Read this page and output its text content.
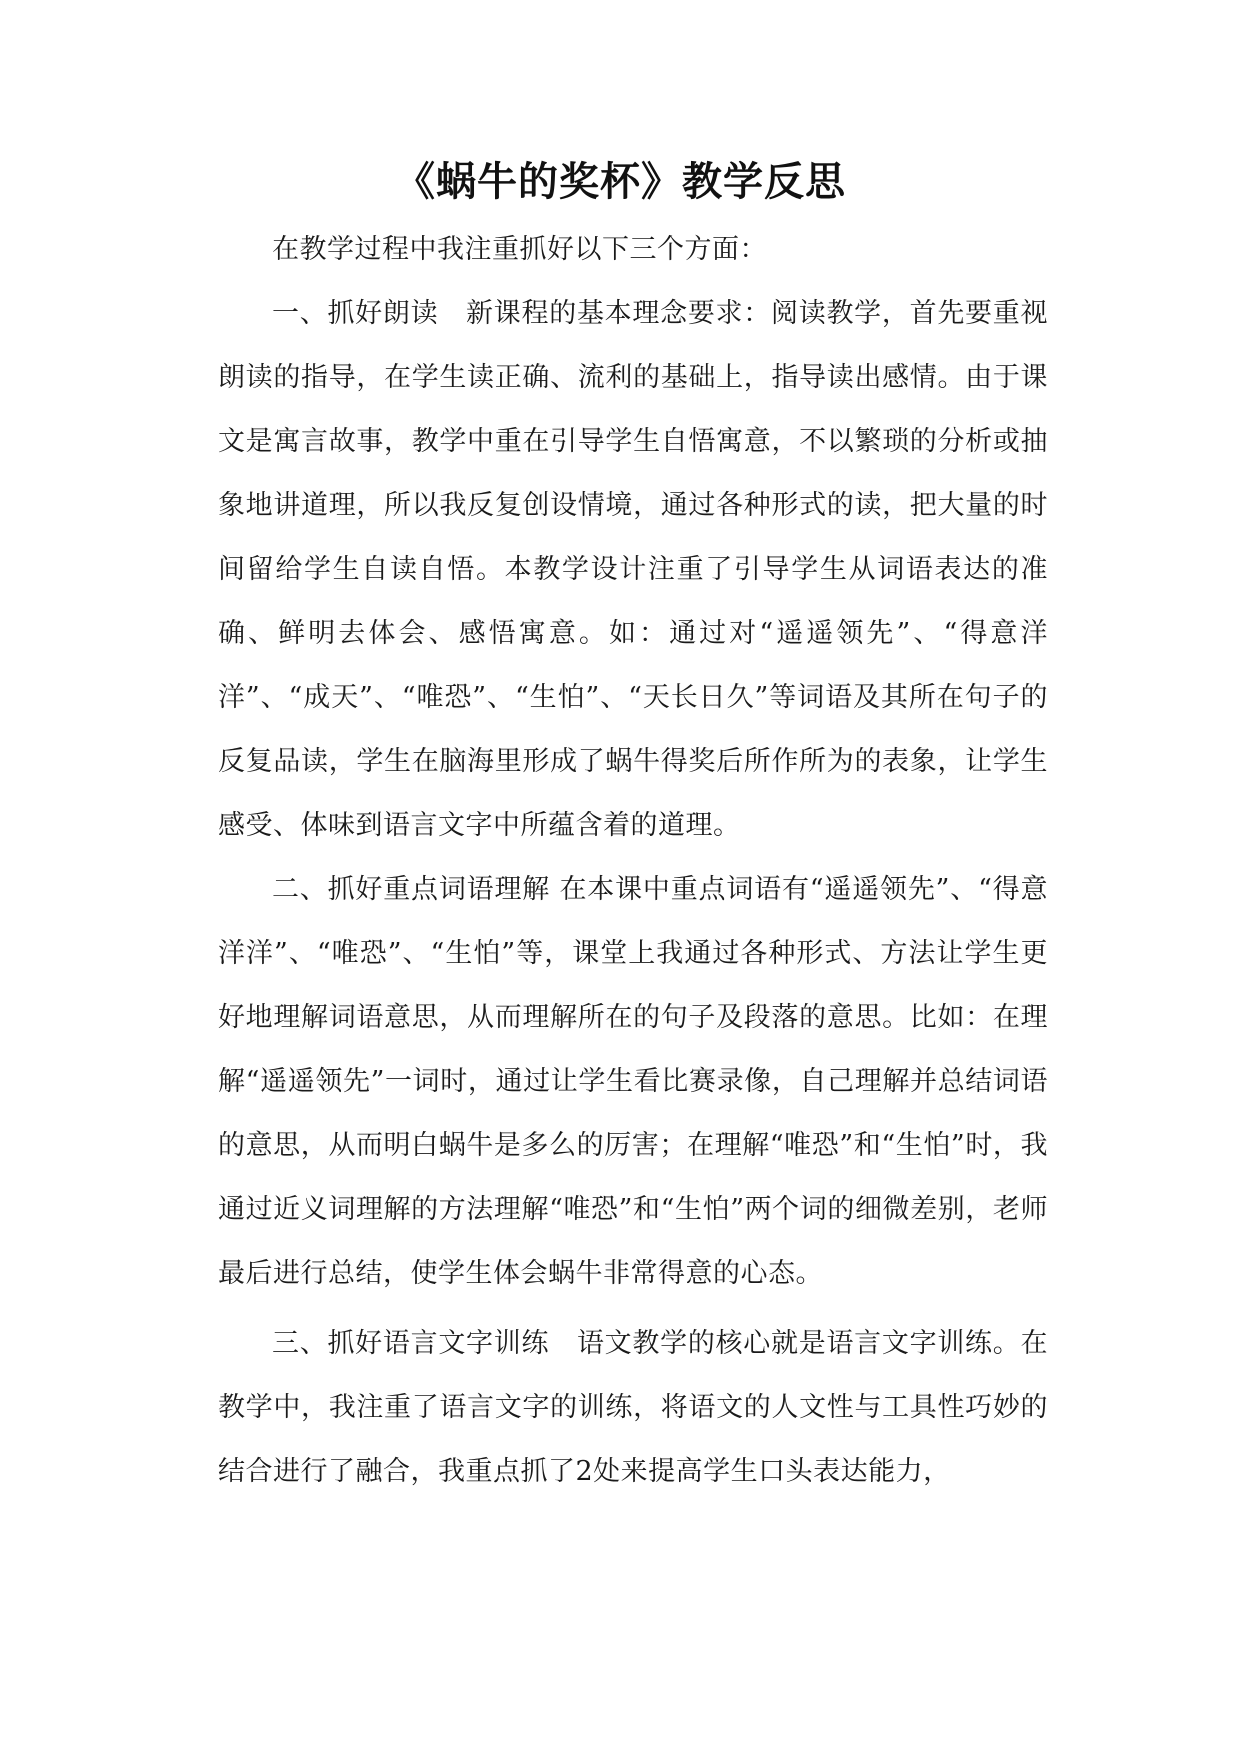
《蜗牛的奖杯》教学反思

在教学过程中我注重抓好以下三个方面：

一、抓好朗读　新课程的基本理念要求：阅读教学，首先要重视朗读的指导，在学生读正确、流利的基础上，指导读出感情。由于课文是寓言故事，教学中重在引导学生自悟寓意，不以繁琐的分析或抽象地讲道理，所以我反复创设情境，通过各种形式的读，把大量的时间留给学生自读自悟。本教学设计注重了引导学生从词语表达的准确、鲜明去体会、感悟寓意。如：通过对“遥遥领先”、“得意洋洋”、“成天”、“唯恐”、“生怕”、“天长日久”等词语及其所在句子的反复品读，学生在脑海里形成了蜗牛得奖后所作所为的表象，让学生感受、体味到语言文字中所蕴含着的道理。

二、抓好重点词语理解 在本课中重点词语有“遥遥领先”、“得意洋洋”、“唯恐”、“生怕”等，课堂上我通过各种形式、方法让学生更好地理解词语意思，从而理解所在的句子及段落的意思。比如：在理解“遥遥领先”一词时，通过让学生看比赛录像，自己理解并总结词语的意思，从而明白蜗牛是多么的厉害；在理解“唯恐”和“生怕”时，我通过近义词理解的方法理解“唯恐”和“生怕”两个词的细微差别，老师最后进行总结，使学生体会蜗牛非常得意的心态。

三、抓好语言文字训练　语文教学的核心就是语言文字训练。在教学中，我注重了语言文字的训练，将语文的人文性与工具性巧妙的结合进行了融合，我重点抓了2处来提高学生口头表达能力，
